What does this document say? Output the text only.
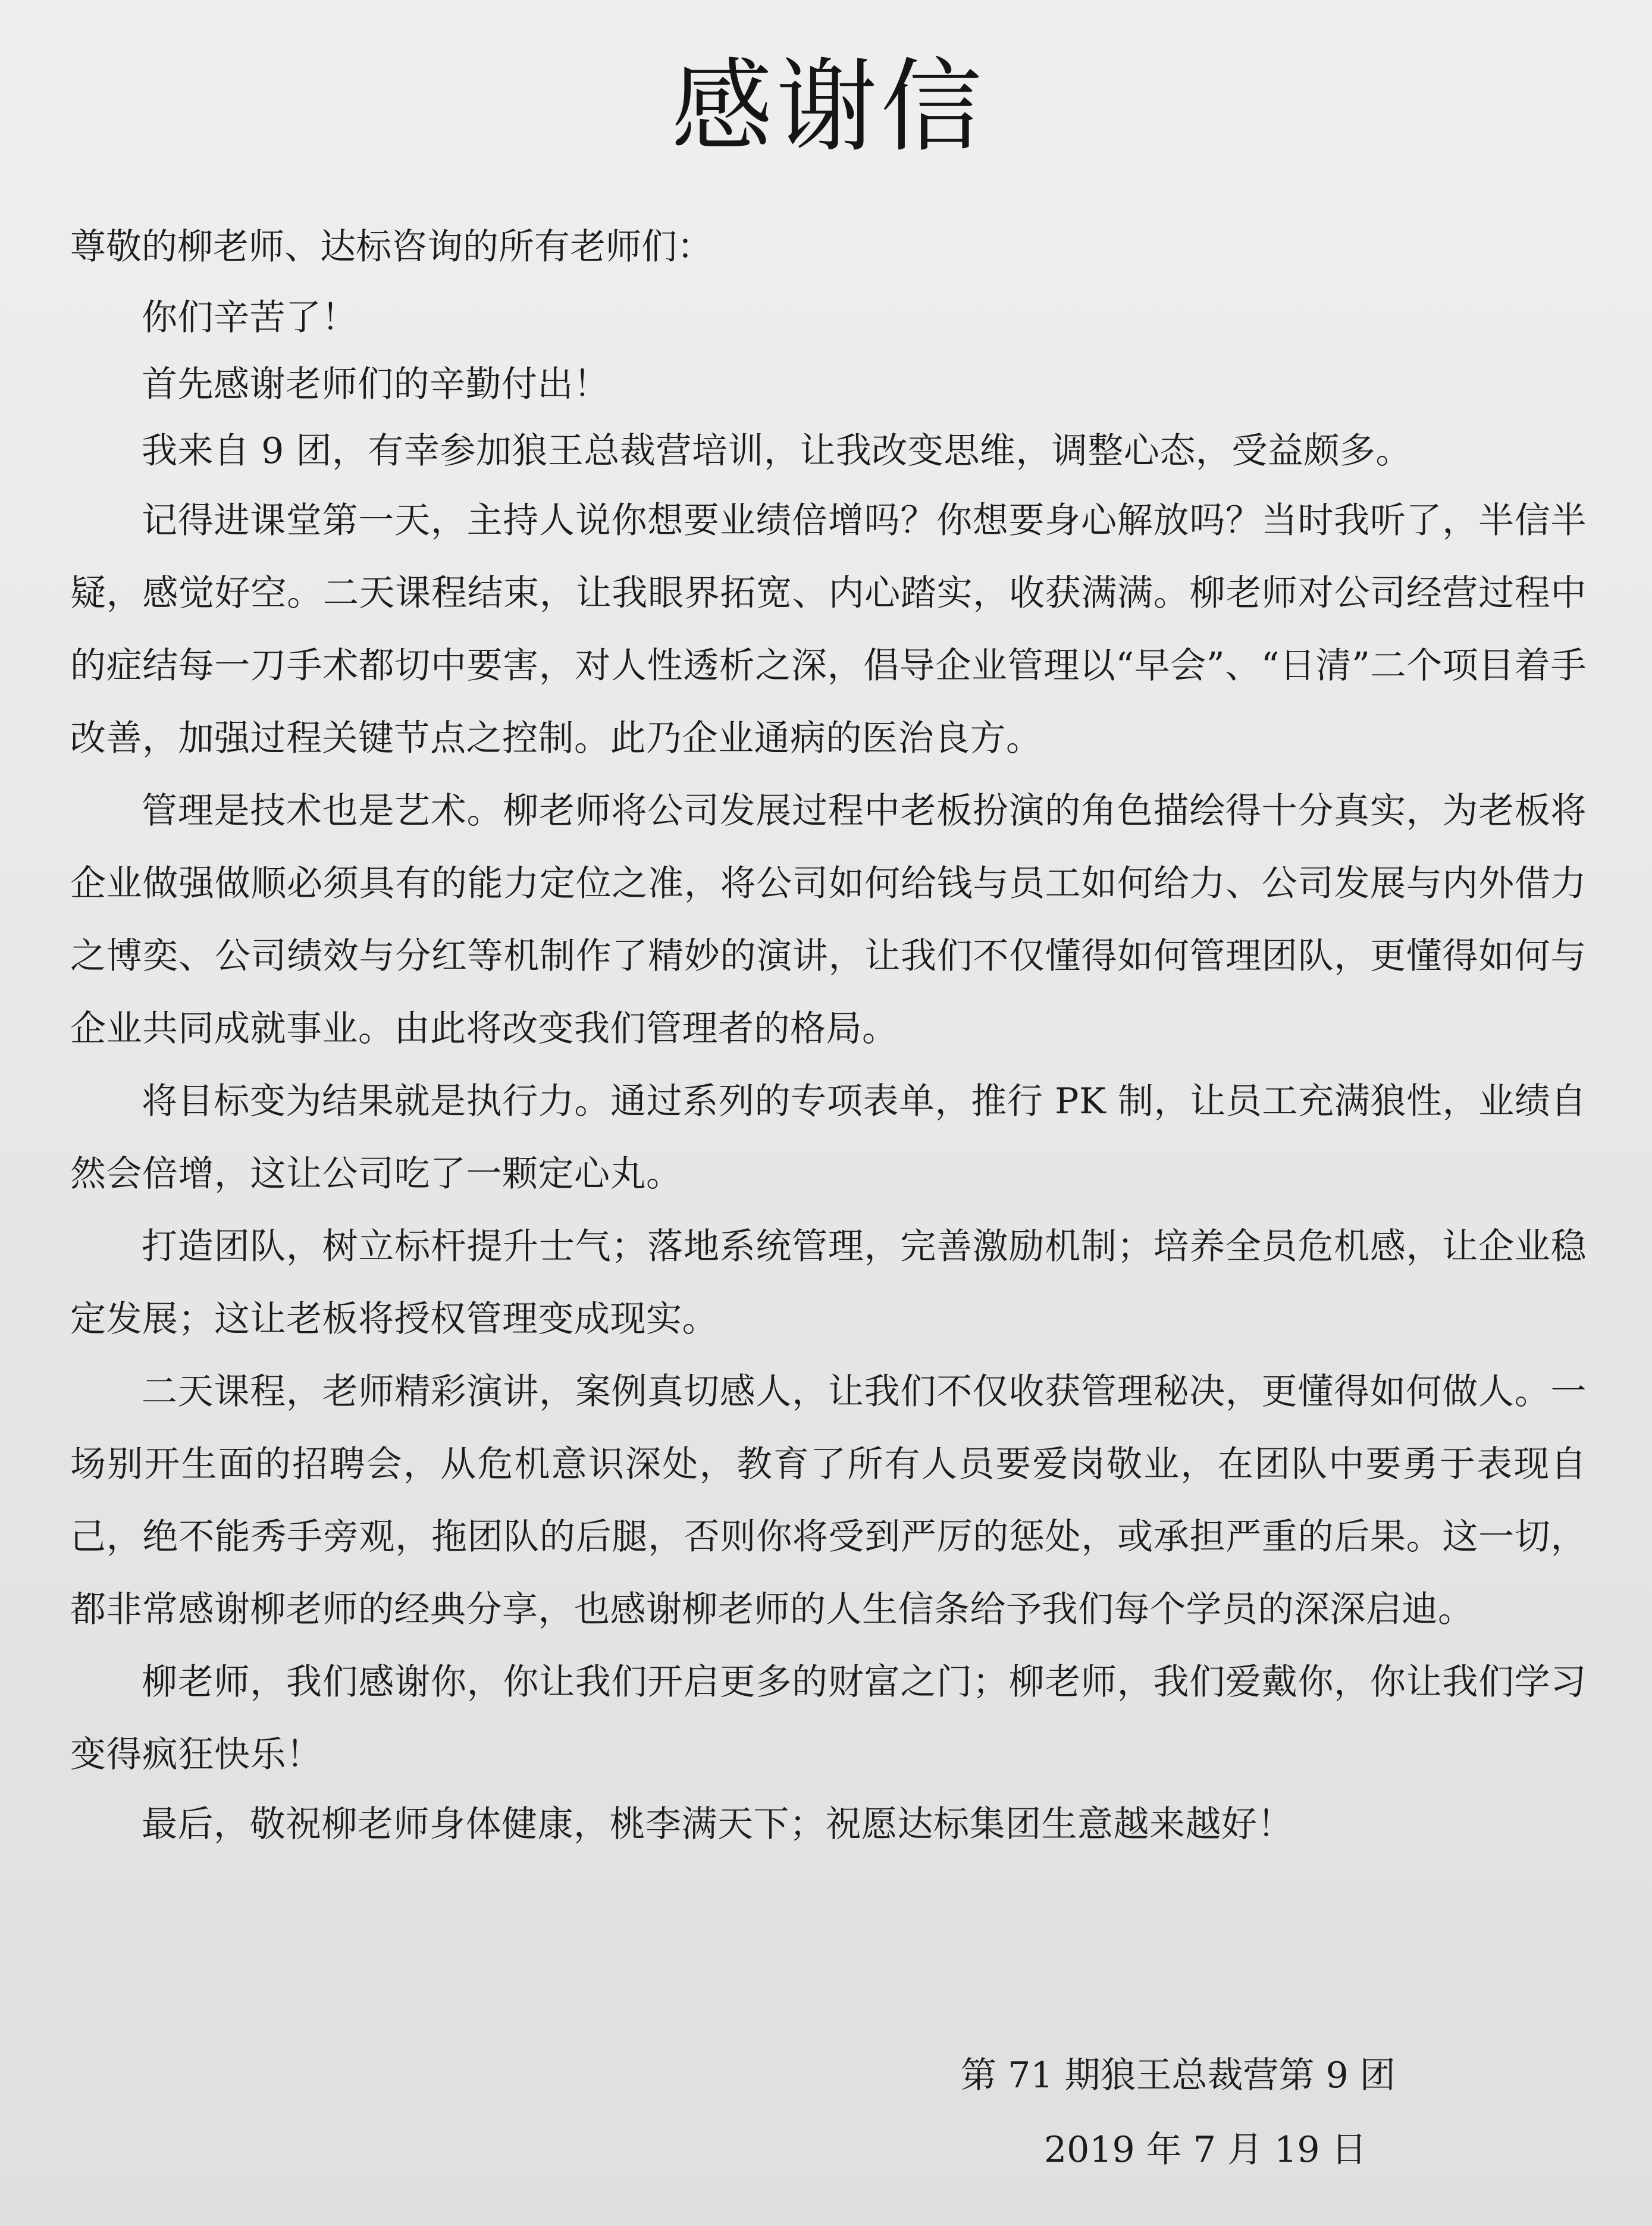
感谢信

尊敬的柳老师、达标咨询的所有老师们：

你们辛苦了！

首先感谢老师们的辛勤付出！

我来自 9 团，有幸参加狼王总裁营培训，让我改变思维，调整心态，受益颇多。

记得进课堂第一天，主持人说你想要业绩倍增吗？你想要身心解放吗？当时我听了，半信半疑，感觉好空。二天课程结束，让我眼界拓宽、内心踏实，收获满满。柳老师对公司经营过程中的症结每一刀手术都切中要害，对人性透析之深，倡导企业管理以“早会”、“日清”二个项目着手改善，加强过程关键节点之控制。此乃企业通病的医治良方。

管理是技术也是艺术。柳老师将公司发展过程中老板扮演的角色描绘得十分真实，为老板将企业做强做顺必须具有的能力定位之准，将公司如何给钱与员工如何给力、公司发展与内外借力之博奕、公司绩效与分红等机制作了精妙的演讲，让我们不仅懂得如何管理团队，更懂得如何与企业共同成就事业。由此将改变我们管理者的格局。

将目标变为结果就是执行力。通过系列的专项表单，推行 PK 制，让员工充满狼性，业绩自然会倍增，这让公司吃了一颗定心丸。

打造团队，树立标杆提升士气；落地系统管理，完善激励机制；培养全员危机感，让企业稳定发展；这让老板将授权管理变成现实。

二天课程，老师精彩演讲，案例真切感人，让我们不仅收获管理秘决，更懂得如何做人。一场别开生面的招聘会，从危机意识深处，教育了所有人员要爱岗敬业，在团队中要勇于表现自己，绝不能秀手旁观，拖团队的后腿，否则你将受到严厉的惩处，或承担严重的后果。这一切，都非常感谢柳老师的经典分享，也感谢柳老师的人生信条给予我们每个学员的深深启迪。

柳老师，我们感谢你，你让我们开启更多的财富之门；柳老师，我们爱戴你，你让我们学习变得疯狂快乐！

最后，敬祝柳老师身体健康，桃李满天下；祝愿达标集团生意越来越好！

第 71 期狼王总裁营第 9 团
2019 年 7 月 19 日
